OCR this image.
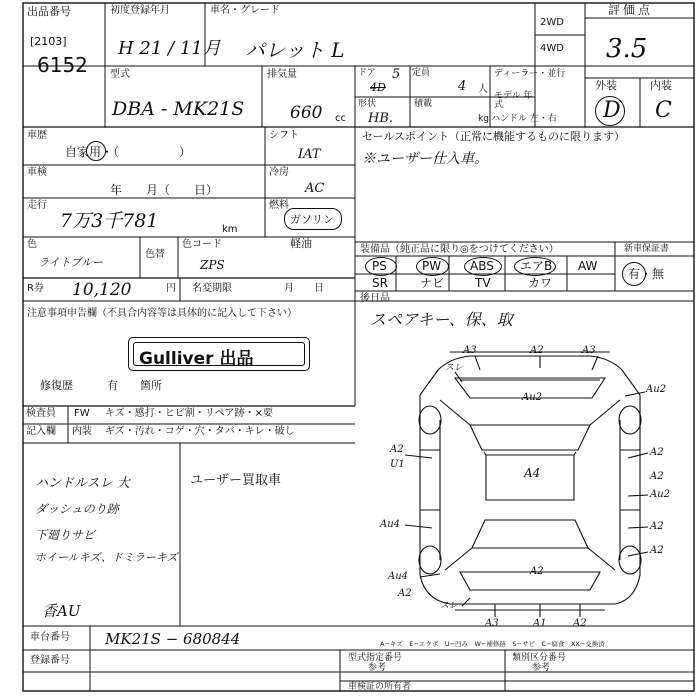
出品番号
[2103]
6152
初度登録年月
H 21 / 11月
車名・グレード
パレット L
2WD
4WD
評価点
3.5
外装	内装
D C
型式
DBA - MK21S
排気量
660 cc
ドア 5
4D
定員
4 人
ディーラー・並行
形状
HB.
積載
kg
モデル 年式
ハンドル 左・右
車歴
自家用・（　　　　　）
シフト
IAT
車検
年　　月（　　日）
冷房
AC
走行
7万3千781	km
燃料
ガソリン
軽油
色
ライトブルー
色替
色コード
ZPS
セールスポイント（正常に機能するものに限ります）
※ユーザー仕入車。
装備品（純正品に限り◎をつけてください）	新車保証書
PS	PW ABS エアB AW
SR	ナビ	TV	カワ
有・無
R券 10,120	円 名変期限	月　　日
後日品
スペアキー、保、取
注意事項申告欄（不具合内容等は具体的に記入して下さい）
Gulliver 出品
修復歴	有 箇所
検査員
記入欄
FW
内装
キズ・感打・ヒビ割・リペア跡・×要
ギズ・汚れ・コゲ・穴・タバ・キレ・破し
ハンドルスレ 大
ダッシュのり跡
下廻りサビ
ホイールキズ、ドミラーキズ
ユーザー買取車
香AU
A3	A2	A3
スレ
Au2
Au2
A2
A2
U1
A4	A2
Au2
A2
Au4
A2
A2
Au4
A2
スレ
A3	A1	A2
A−キズ　E−エクボ　U−凹み　W−補修跡　S−サビ　C−腐食　XX−交換済
車台番号 MK21S − 680844
登録番号	型式指定番号
参考
類別区分番号
参考
車検証の所有者
